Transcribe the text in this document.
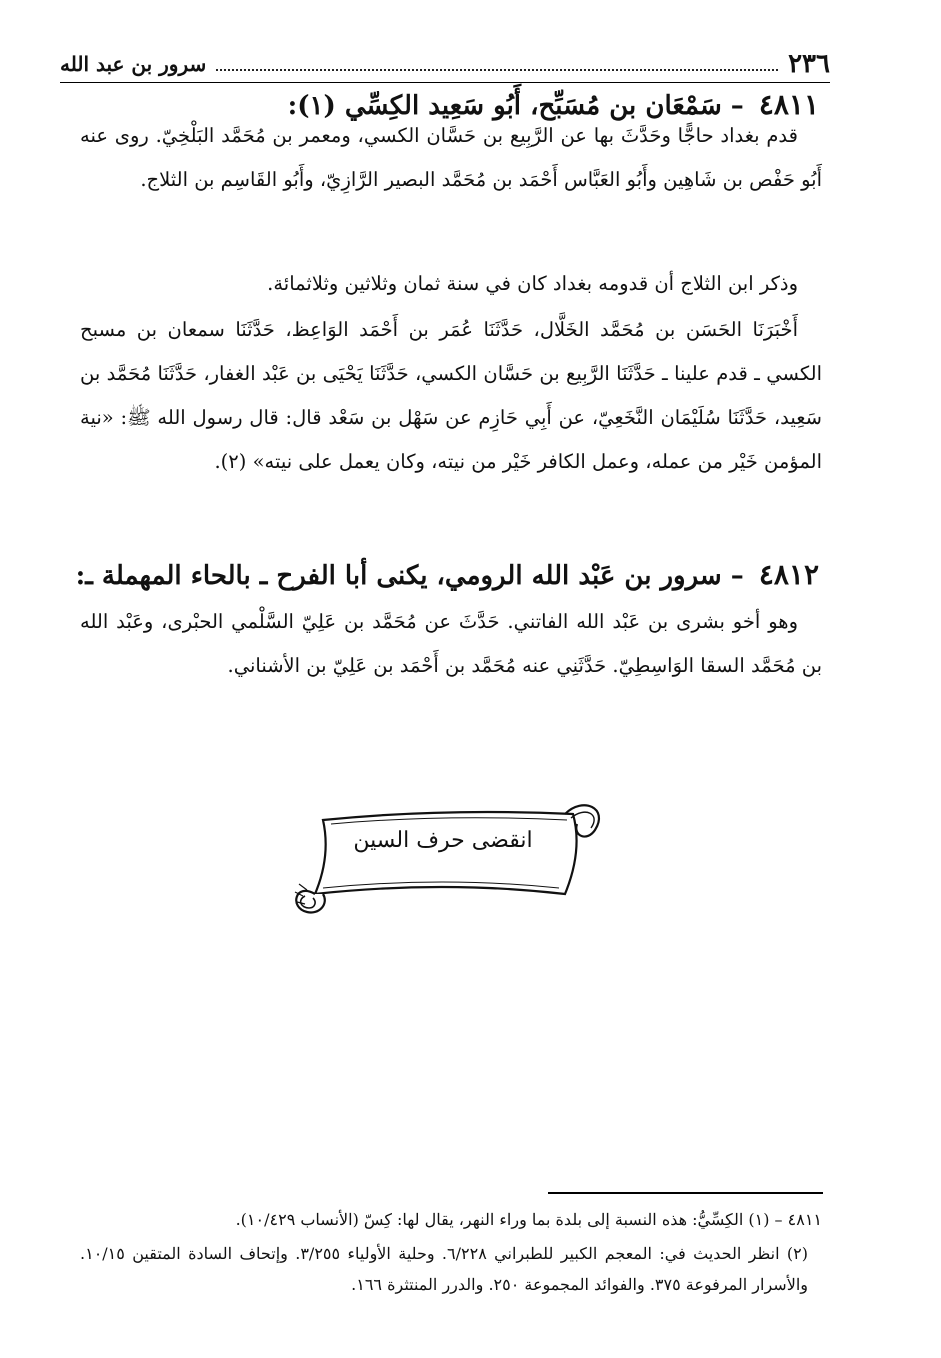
٢٣٦
سرور بن عبد الله
٤٨١١ – سَمْعَان بن مُسَبِّح، أَبُو سَعِيد الكِسِّي (١):

قدم بغداد حاجًّا وحَدَّثَ بها عن الرَّبِيع بن حَسَّان الكسي، ومعمر بن مُحَمَّد البَلْخِيّ. روى عنه أَبُو حَفْص بن شَاهِين وأَبُو العَبَّاس أَحْمَد بن مُحَمَّد البصير الرَّازِيّ، وأَبُو القَاسِم بن الثلاج.

وذكر ابن الثلاج أن قدومه بغداد كان في سنة ثمان وثلاثين وثلاثمائة.

أَخْبَرَنَا الحَسَن بن مُحَمَّد الخَلَّال، حَدَّثَنَا عُمَر بن أَحْمَد الوَاعِظ، حَدَّثَنَا سمعان بن مسبح الكسي ـ قدم علينا ـ حَدَّثَنَا الرَّبِيع بن حَسَّان الكسي، حَدَّثَنَا يَحْيَى بن عَبْد الغفار، حَدَّثَنَا مُحَمَّد بن سَعِيد، حَدَّثَنَا سُلَيْمَان النَّخَعِيّ، عن أَبِي حَازِم عن سَهْل بن سَعْد قال: قال رسول الله ﷺ: «نية المؤمن خَيْر من عمله، وعمل الكافر خَيْر من نيته، وكان يعمل على نيته» (٢).

٤٨١٢ – سرور بن عَبْد الله الرومي، يكنى أبا الفرح ـ بالحاء المهملة ـ:

وهو أخو بشرى بن عَبْد الله الفاتني. حَدَّثَ عن مُحَمَّد بن عَلِيّ السَّلْمي الحبْرى، وعَبْد الله بن مُحَمَّد السقا الوَاسِطِيّ. حَدَّثَنِي عنه مُحَمَّد بن أَحْمَد بن عَلِيّ بن الأشناني.

انقضى حرف السين

٤٨١١ – (١) الكِسِّيُّ: هذه النسبة إلى بلدة بما وراء النهر، يقال لها: كِسّ (الأنساب ١٠/٤٢٩).

(٢) انظر الحديث في: المعجم الكبير للطبراني ٦/٢٢٨. وحلية الأولياء ٣/٢٥٥. وإتحاف السادة المتقين ١٠/١٥. والأسرار المرفوعة ٣٧٥. والفوائد المجموعة ٢٥٠. والدرر المنتثرة ١٦٦.
